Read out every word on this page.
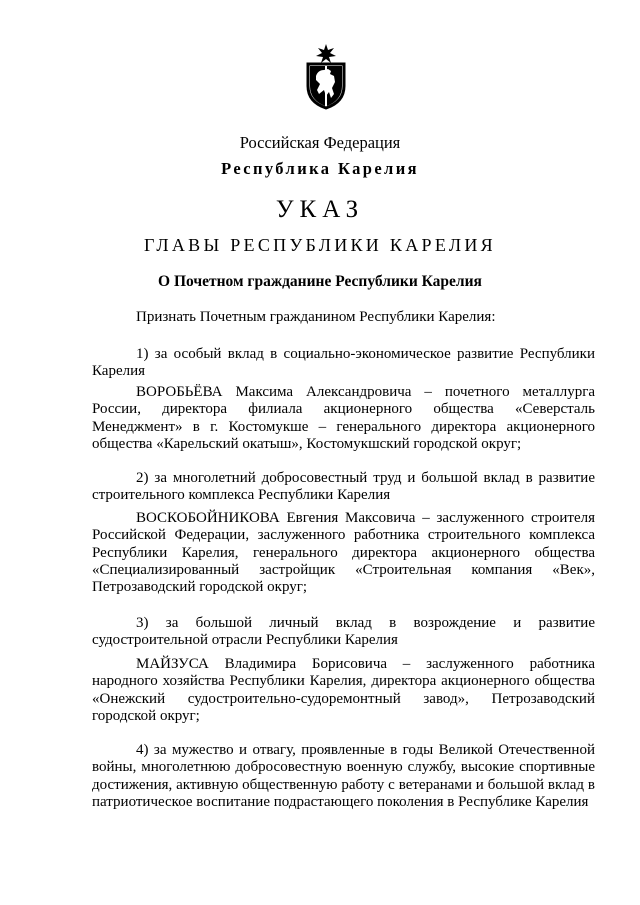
Российская Федерация
Республика Карелия
УКАЗ
ГЛАВЫ РЕСПУБЛИКИ КАРЕЛИЯ
О Почетном гражданине Республики Карелия

Признать Почетным гражданином Республики Карелия:

1) за особый вклад в социально-экономическое развитие Республики Карелия

ВОРОБЬЁВА Максима Александровича – почетного металлурга России, директора филиала акционерного общества «Северсталь Менеджмент» в г. Костомукше – генерального директора акционерного общества «Карельский окатыш», Костомукшский городской округ;

2) за многолетний добросовестный труд и большой вклад в развитие строительного комплекса Республики Карелия

ВОСКОБОЙНИКОВА Евгения Максовича – заслуженного строителя Российской Федерации, заслуженного работника строительного комплекса Республики Карелия, генерального директора акционерного общества «Специализированный застройщик «Строительная компания «Век», Петрозаводский городской округ;

3) за большой личный вклад в возрождение и развитие судостроительной отрасли Республики Карелия

МАЙЗУСА Владимира Борисовича – заслуженного работника народного хозяйства Республики Карелия, директора акционерного общества «Онежский судостроительно-судоремонтный завод», Петрозаводский городской округ;

4) за мужество и отвагу, проявленные в годы Великой Отечественной войны, многолетнюю добросовестную военную службу, высокие спортивные достижения, активную общественную работу с ветеранами и большой вклад в патриотическое воспитание подрастающего поколения в Республике Карелия
